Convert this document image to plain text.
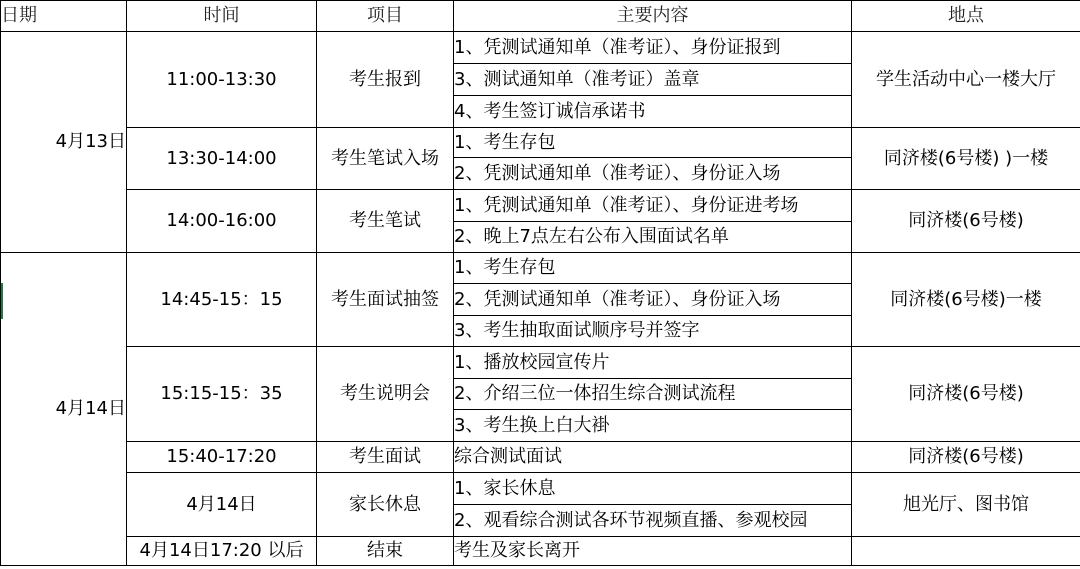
日期	时间	项目	主要内容	地点
4月13日	11:00-13:30	考生报到	1、凭测试通知单（准考证）、身份证报到	学生活动中心一楼大厅
			3、测试通知单（准考证）盖章	
			4、考生签订诚信承诺书	
	13:30-14:00	考生笔试入场	1、考生存包	同济楼(6号楼) )一楼
			2、凭测试通知单（准考证）、身份证入场	
	14:00-16:00	考生笔试	1、凭测试通知单（准考证）、身份证进考场	同济楼(6号楼)
			2、晚上7点左右公布入围面试名单	
4月14日	14:45-15：15	考生面试抽签	1、考生存包	同济楼(6号楼)一楼
			2、凭测试通知单（准考证）、身份证入场	
			3、考生抽取面试顺序号并签字	
	15:15-15：35	考生说明会	1、播放校园宣传片	同济楼(6号楼)
			2、介绍三位一体招生综合测试流程	
			3、考生换上白大褂	
	15:40-17:20	考生面试	综合测试面试	同济楼(6号楼)
	4月14日	家长休息	1、家长休息	旭光厅、图书馆
			2、观看综合测试各环节视频直播、参观校园	
	4月14日17:20 以后	结束	考生及家长离开	
